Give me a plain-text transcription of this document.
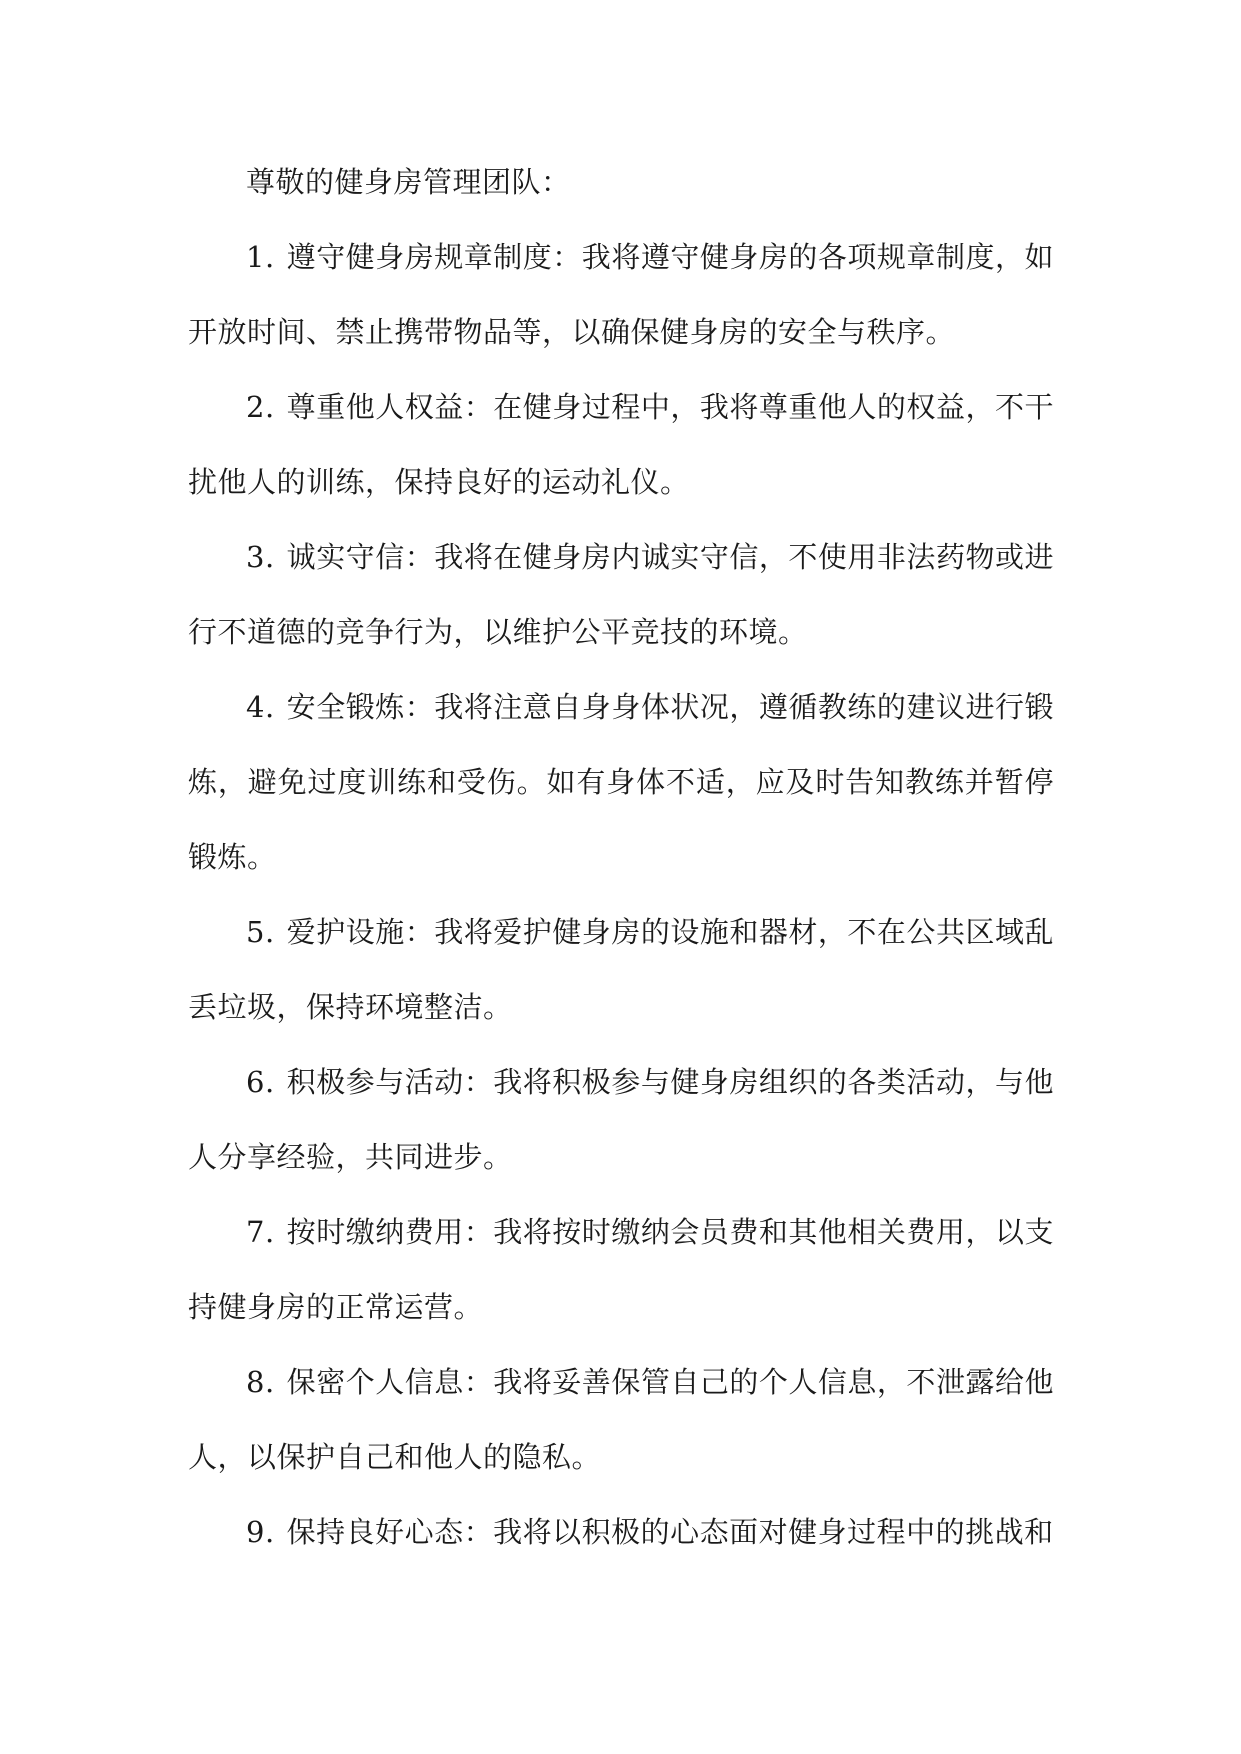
尊敬的健身房管理团队：

1. 遵守健身房规章制度：我将遵守健身房的各项规章制度，如开放时间、禁止携带物品等，以确保健身房的安全与秩序。

2. 尊重他人权益：在健身过程中，我将尊重他人的权益，不干扰他人的训练，保持良好的运动礼仪。

3. 诚实守信：我将在健身房内诚实守信，不使用非法药物或进行不道德的竞争行为，以维护公平竞技的环境。

4. 安全锻炼：我将注意自身身体状况，遵循教练的建议进行锻炼，避免过度训练和受伤。如有身体不适，应及时告知教练并暂停锻炼。

5. 爱护设施：我将爱护健身房的设施和器材，不在公共区域乱丢垃圾，保持环境整洁。

6. 积极参与活动：我将积极参与健身房组织的各类活动，与他人分享经验，共同进步。

7. 按时缴纳费用：我将按时缴纳会员费和其他相关费用，以支持健身房的正常运营。

8. 保密个人信息：我将妥善保管自己的个人信息，不泄露给他人，以保护自己和他人的隐私。

9. 保持良好心态：我将以积极的心态面对健身过程中的挑战和
